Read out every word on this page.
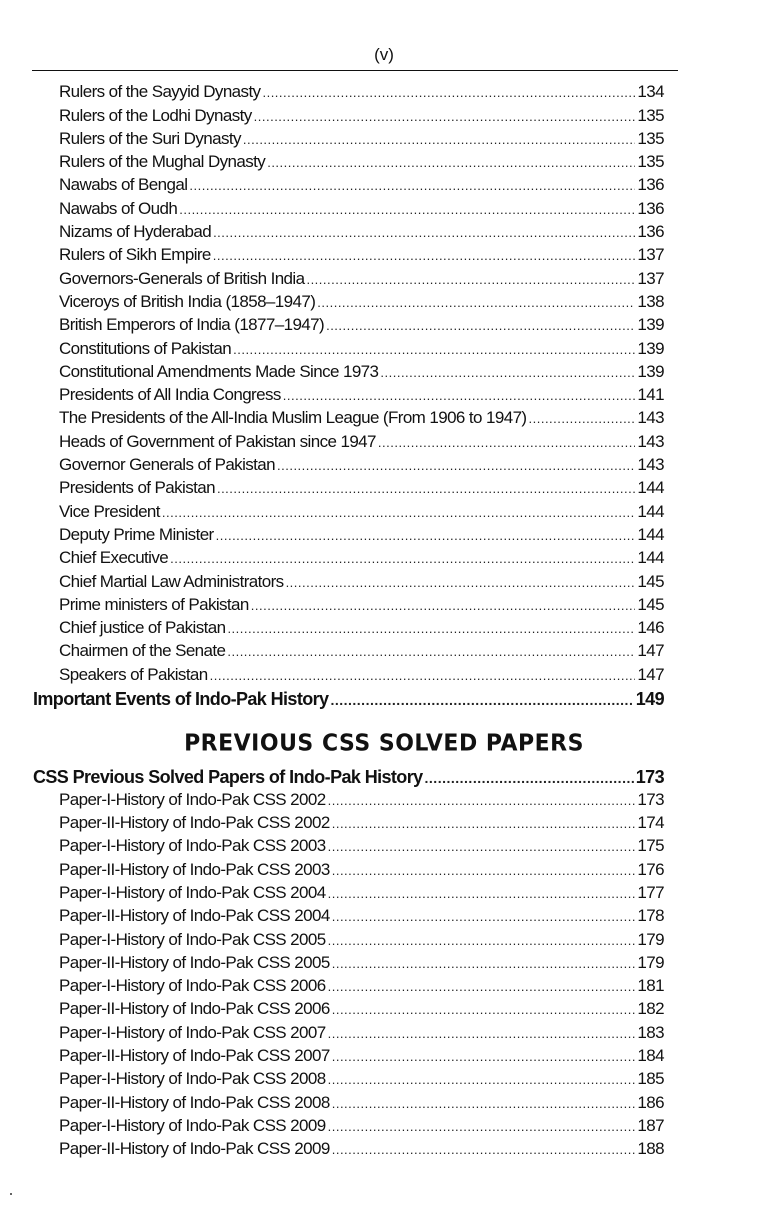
(v)
Rulers of the Sayyid Dynasty .....	134
Rulers of the Lodhi Dynasty .....	135
Rulers of the Suri Dynasty .....	135
Rulers of the Mughal Dynasty .....	135
Nawabs of Bengal .....	136
Nawabs of Oudh .....	136
Nizams of Hyderabad .....	136
Rulers of Sikh Empire .....	137
Governors-Generals of British India .....	137
Viceroys of British India (1858–1947) .....	138
British Emperors of India (1877–1947) .....	139
Constitutions of Pakistan .....	139
Constitutional Amendments Made Since 1973 .....	139
Presidents of All India Congress .....	141
The Presidents of the All-India Muslim League (From 1906 to 1947) .....	143
Heads of Government of Pakistan since 1947 .....	143
Governor Generals of Pakistan .....	143
Presidents of Pakistan .....	144
Vice President .....	144
Deputy Prime Minister .....	144
Chief Executive .....	144
Chief Martial Law Administrators .....	145
Prime ministers of Pakistan .....	145
Chief justice of Pakistan .....	146
Chairmen of the Senate .....	147
Speakers of Pakistan .....	147
Important Events of Indo-Pak History .....	149
PREVIOUS CSS SOLVED PAPERS
CSS Previous Solved Papers of Indo-Pak History .....	173
Paper-I-History of Indo-Pak CSS 2002 .....	173
Paper-II-History of Indo-Pak CSS 2002 .....	174
Paper-I-History of Indo-Pak CSS 2003 .....	175
Paper-II-History of Indo-Pak CSS 2003 .....	176
Paper-I-History of Indo-Pak CSS 2004 .....	177
Paper-II-History of Indo-Pak CSS 2004 .....	178
Paper-I-History of Indo-Pak CSS 2005 .....	179
Paper-II-History of Indo-Pak CSS 2005 .....	179
Paper-I-History of Indo-Pak CSS 2006 .....	181
Paper-II-History of Indo-Pak CSS 2006 .....	182
Paper-I-History of Indo-Pak CSS 2007 .....	183
Paper-II-History of Indo-Pak CSS 2007 .....	184
Paper-I-History of Indo-Pak CSS 2008 .....	185
Paper-II-History of Indo-Pak CSS 2008 .....	186
Paper-I-History of Indo-Pak CSS 2009 .....	187
Paper-II-History of Indo-Pak CSS 2009 .....	188
